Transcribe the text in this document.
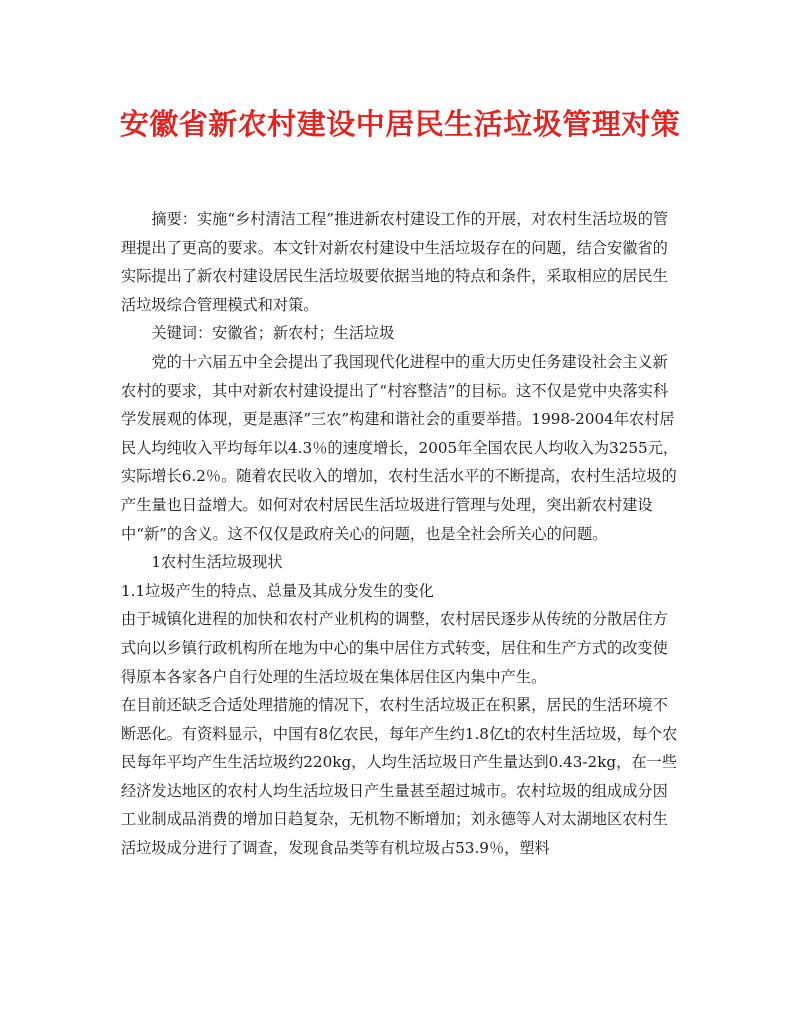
安徽省新农村建设中居民生活垃圾管理对策

摘要：实施“乡村清洁工程”推进新农村建设工作的开展，对农村生活垃圾的管理提出了更高的要求。本文针对新农村建设中生活垃圾存在的问题，结合安徽省的实际提出了新农村建设居民生活垃圾要依据当地的特点和条件，采取相应的居民生活垃圾综合管理模式和对策。

关键词：安徽省；新农村；生活垃圾

党的十六届五中全会提出了我国现代化进程中的重大历史任务建设社会主义新农村的要求，其中对新农村建设提出了“村容整洁”的目标。这不仅是党中央落实科学发展观的体现，更是惠泽”三农”构建和谐社会的重要举措。1998-2004年农村居民人均纯收入平均每年以4.3％的速度增长，2005年全国农民人均收入为3255元，实际增长6.2％。随着农民收入的增加，农村生活水平的不断提高，农村生活垃圾的产生量也日益增大。如何对农村居民生活垃圾进行管理与处理，突出新农村建设中“新”的含义。这不仅仅是政府关心的问题，也是全社会所关心的问题。

1农村生活垃圾现状

1.1垃圾产生的特点、总量及其成分发生的变化

由于城镇化进程的加快和农村产业机构的调整，农村居民逐步从传统的分散居住方式向以乡镇行政机构所在地为中心的集中居住方式转变，居住和生产方式的改变使得原本各家各户自行处理的生活垃圾在集体居住区内集中产生。

在目前还缺乏合适处理措施的情况下，农村生活垃圾正在积累，居民的生活环境不断恶化。有资料显示，中国有8亿农民，每年产生约1.8亿t的农村生活垃圾，每个农民每年平均产生生活垃圾约220kg，人均生活垃圾日产生量达到0.43-2kg，在一些经济发达地区的农村人均生活垃圾日产生量甚至超过城市。农村垃圾的组成成分因工业制成品消费的增加日趋复杂，无机物不断增加；刘永德等人对太湖地区农村生活垃圾成分进行了调查，发现食品类等有机垃圾占53.9％，塑料
